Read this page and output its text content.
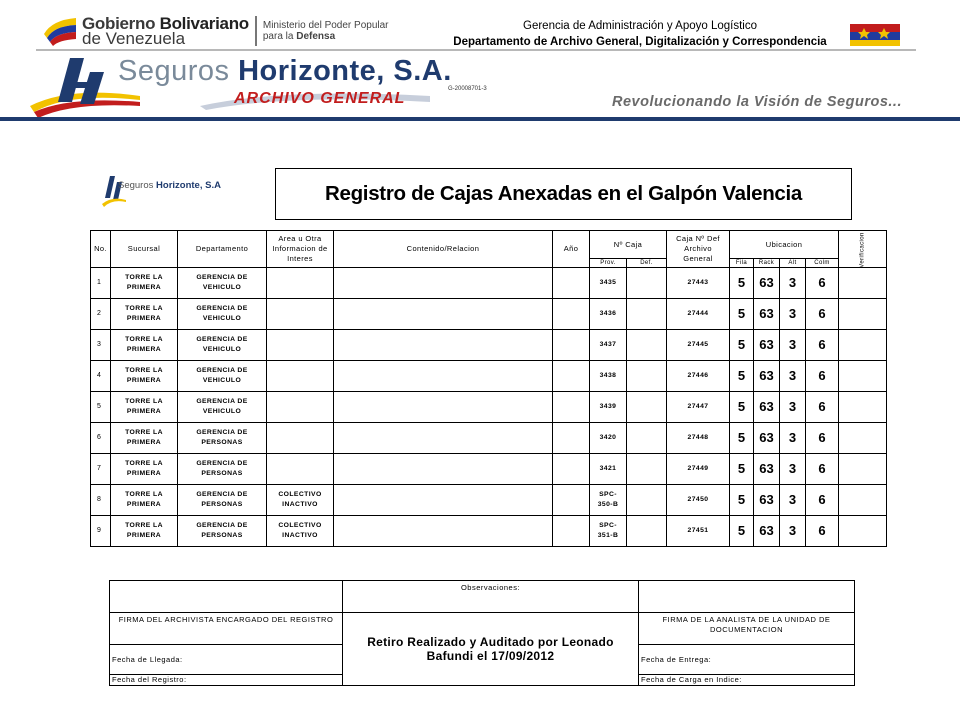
Gobierno Bolivariano
de Venezuela
Ministerio del Poder Popular
para la Defensa
Gerencia de Administración y Apoyo Logístico
Departamento de Archivo General, Digitalización y Correspondencia
Seguros Horizonte, S.A.
G-20008701-3
ARCHIVO GENERAL	Revolucionando la Visión de Seguros...
Seguros Horizonte, S.A	Registro de Cajas Anexadas en el Galpón Valencia
No.	Sucursal	Departamento	Area u Otra Informacion de Interes	Contenido/Relacion	Año	Nº Caja		Caja Nº Def Archivo General	Ubicacion				Verificacion
						Prov.	Def.		Fila	Rack	Alt	Colm	
1	TORRE LA PRIMERA	GERENCIA DE VEHICULO				3435		27443	5	63	3	6	
2	TORRE LA PRIMERA	GERENCIA DE VEHICULO				3436		27444	5	63	3	6	
3	TORRE LA PRIMERA	GERENCIA DE VEHICULO				3437		27445	5	63	3	6	
4	TORRE LA PRIMERA	GERENCIA DE VEHICULO				3438		27446	5	63	3	6	
5	TORRE LA PRIMERA	GERENCIA DE VEHICULO				3439		27447	5	63	3	6	
6	TORRE LA PRIMERA	GERENCIA DE PERSONAS				3420		27448	5	63	3	6	
7	TORRE LA PRIMERA	GERENCIA DE PERSONAS				3421		27449	5	63	3	6	
8	TORRE LA PRIMERA	GERENCIA DE PERSONAS	COLECTIVO INACTIVO			SPC-350-B		27450	5	63	3	6	
9	TORRE LA PRIMERA	GERENCIA DE PERSONAS	COLECTIVO INACTIVO			SPC-351-B		27451	5	63	3	6	
	Observaciones:	
FIRMA DEL ARCHIVISTA ENCARGADO DEL REGISTRO	Retiro Realizado y Auditado por Leonado Bafundi el 17/09/2012	FIRMA DE LA ANALISTA DE LA UNIDAD DE DOCUMENTACION
Fecha de Llegada:		Fecha de Entrega:
Fecha del Registro:		Fecha de Carga en Indice:
